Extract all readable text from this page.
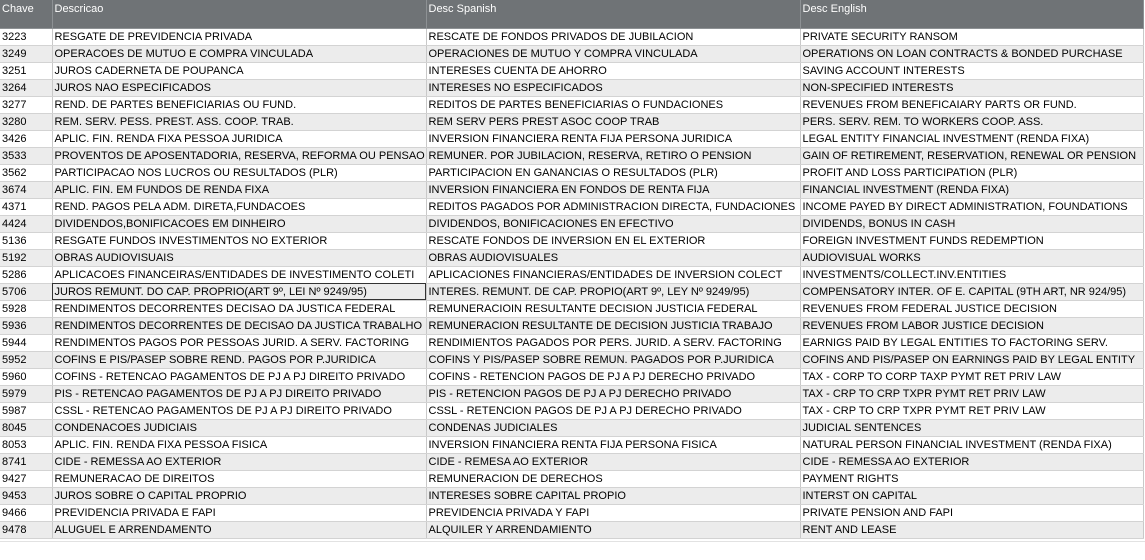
Chave	Descricao	Desc Spanish	Desc English
3223	RESGATE DE PREVIDENCIA PRIVADA	RESCATE DE FONDOS PRIVADOS DE JUBILACION	PRIVATE SECURITY RANSOM
3249	OPERACOES DE MUTUO E COMPRA VINCULADA	OPERACIONES DE MUTUO Y COMPRA VINCULADA	OPERATIONS ON LOAN CONTRACTS & BONDED PURCHASE
3251	JUROS CADERNETA DE POUPANCA	INTERESES CUENTA DE AHORRO	SAVING ACCOUNT INTERESTS
3264	JUROS NAO ESPECIFICADOS	INTERESES NO ESPECIFICADOS	NON-SPECIFIED INTERESTS
3277	REND. DE PARTES BENEFICIARIAS OU FUND.	REDITOS DE PARTES BENEFICIARIAS O FUNDACIONES	REVENUES FROM BENEFICAIARY PARTS OR FUND.
3280	REM. SERV. PESS. PREST. ASS. COOP. TRAB.	REM SERV PERS PREST ASOC COOP TRAB	PERS. SERV. REM. TO WORKERS COOP. ASS.
3426	APLIC. FIN. RENDA FIXA PESSOA JURIDICA	INVERSION FINANCIERA RENTA FIJA PERSONA JURIDICA	LEGAL ENTITY FINANCIAL INVESTMENT (RENDA FIXA)
3533	PROVENTOS DE APOSENTADORIA, RESERVA, REFORMA OU PENSAO	REMUNER. POR JUBILACION, RESERVA, RETIRO O PENSION	GAIN OF RETIREMENT, RESERVATION, RENEWAL OR PENSION
3562	PARTICIPACAO NOS LUCROS OU RESULTADOS (PLR)	PARTICIPACION EN GANANCIAS O RESULTADOS (PLR)	PROFIT AND LOSS PARTICIPATION (PLR)
3674	APLIC. FIN. EM FUNDOS DE RENDA FIXA	INVERSION FINANCIERA EN FONDOS DE RENTA FIJA	FINANCIAL INVESTMENT (RENDA FIXA)
4371	REND. PAGOS PELA ADM. DIRETA,FUNDACOES	REDITOS PAGADOS POR ADMINISTRACION DIRECTA, FUNDACIONES	INCOME PAYED BY DIRECT ADMINISTRATION, FOUNDATIONS
4424	DIVIDENDOS,BONIFICACOES EM DINHEIRO	DIVIDENDOS, BONIFICACIONES EN EFECTIVO	DIVIDENDS, BONUS IN CASH
5136	RESGATE FUNDOS INVESTIMENTOS NO EXTERIOR	RESCATE FONDOS DE INVERSION EN EL EXTERIOR	FOREIGN INVESTMENT FUNDS REDEMPTION
5192	OBRAS AUDIOVISUAIS	OBRAS AUDIOVISUALES	AUDIOVISUAL WORKS
5286	APLICACOES FINANCEIRAS/ENTIDADES DE INVESTIMENTO COLETI	APLICACIONES FINANCIERAS/ENTIDADES DE INVERSION COLECT	INVESTMENTS/COLLECT.INV.ENTITIES
5706	JUROS REMUNT. DO CAP. PROPRIO(ART 9º, LEI Nº 9249/95)	INTERES. REMUNT. DE CAP. PROPIO(ART 9º, LEY Nº 9249/95)	COMPENSATORY INTER. OF E. CAPITAL (9TH ART, NR 924/95)
5928	RENDIMENTOS DECORRENTES DECISAO DA JUSTICA FEDERAL	REMUNERACIOIN RESULTANTE DECISION JUSTICIA FEDERAL	REVENUES FROM FEDERAL JUSTICE DECISION
5936	RENDIMENTOS DECORRENTES DE DECISAO DA JUSTICA TRABALHO	REMUNERACION RESULTANTE DE DECISION JUSTICIA TRABAJO	REVENUES FROM LABOR JUSTICE DECISION
5944	RENDIMENTOS PAGOS POR PESSOAS JURID. A SERV. FACTORING	RENDIMIENTOS PAGADOS POR PERS. JURID. A SERV. FACTORING	EARNIGS PAID BY LEGAL ENTITIES TO FACTORING SERV.
5952	COFINS E PIS/PASEP SOBRE REND. PAGOS POR P.JURIDICA	COFINS Y PIS/PASEP SOBRE REMUN. PAGADOS POR P.JURIDICA	COFINS AND PIS/PASEP ON EARNINGS PAID BY LEGAL ENTITY
5960	COFINS - RETENCAO PAGAMENTOS DE PJ A PJ DIREITO PRIVADO	COFINS - RETENCION PAGOS DE PJ A PJ DERECHO PRIVADO	TAX - CORP TO CORP TAXP PYMT RET PRIV LAW
5979	PIS - RETENCAO PAGAMENTOS DE PJ A PJ DIREITO PRIVADO	PIS - RETENCION PAGOS DE PJ A PJ DERECHO PRIVADO	TAX - CRP TO CRP TXPR PYMT RET PRIV LAW
5987	CSSL - RETENCAO PAGAMENTOS DE PJ A PJ DIREITO PRIVADO	CSSL - RETENCION PAGOS DE PJ A PJ DERECHO PRIVADO	TAX - CRP TO CRP TXPR PYMT RET PRIV LAW
8045	CONDENACOES JUDICIAIS	CONDENAS JUDICIALES	JUDICIAL SENTENCES
8053	APLIC. FIN. RENDA FIXA PESSOA FISICA	INVERSION FINANCIERA RENTA FIJA PERSONA FISICA	NATURAL PERSON FINANCIAL INVESTMENT (RENDA FIXA)
8741	CIDE - REMESSA AO EXTERIOR	CIDE - REMESA AO EXTERIOR	CIDE - REMESSA AO EXTERIOR
9427	REMUNERACAO DE DIREITOS	REMUNERACION DE DERECHOS	PAYMENT RIGHTS
9453	JUROS SOBRE O CAPITAL PROPRIO	INTERESES SOBRE CAPITAL PROPIO	INTERST ON CAPITAL
9466	PREVIDENCIA PRIVADA E FAPI	PREVIDENCIA PRIVADA Y FAPI	PRIVATE PENSION AND FAPI
9478	ALUGUEL E ARRENDAMENTO	ALQUILER Y ARRENDAMIENTO	RENT AND LEASE
